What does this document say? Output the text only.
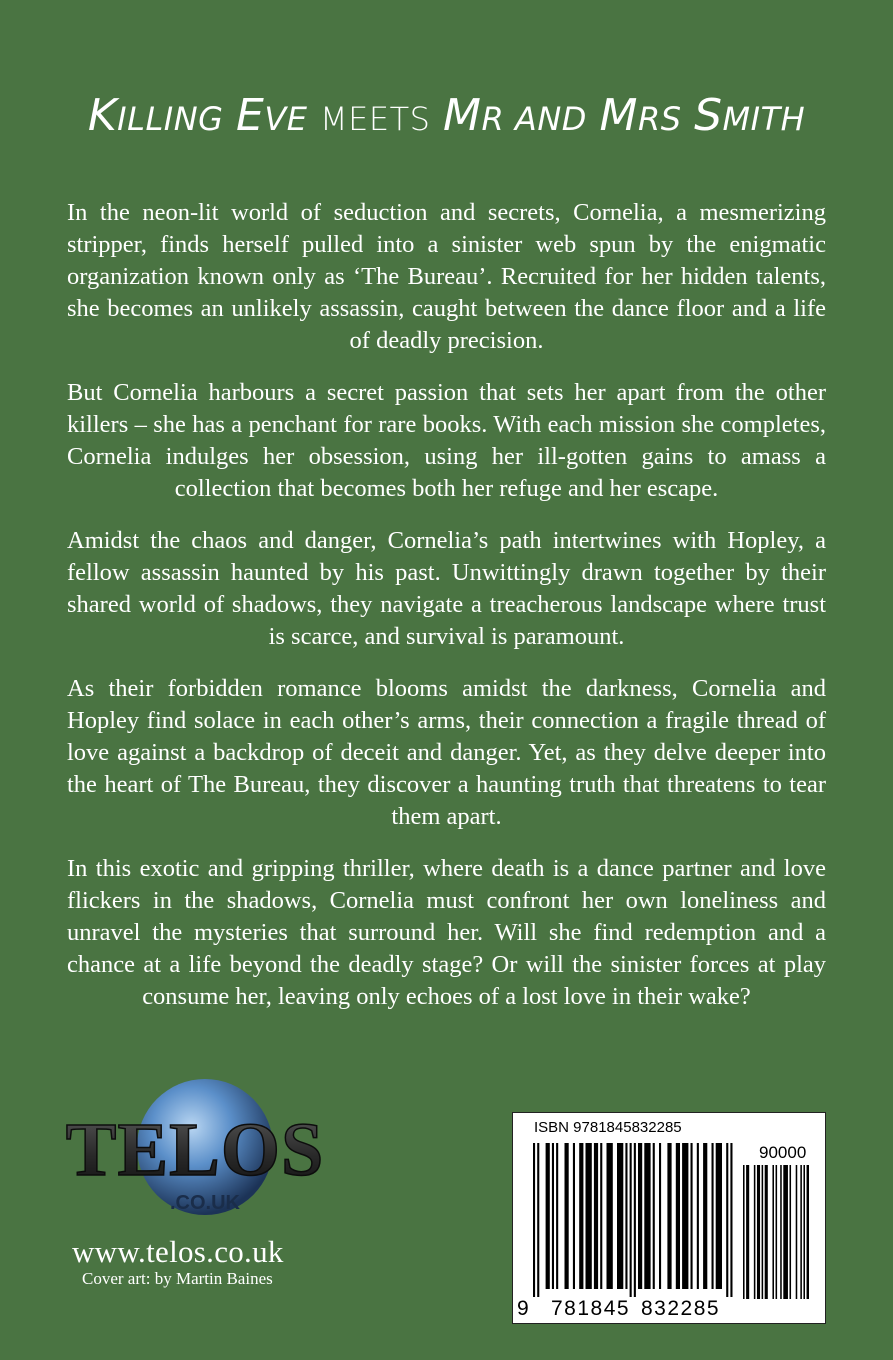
KILLING EVE MEETS MR AND MRS SMITH

In the neon-lit world of seduction and secrets, Cornelia, a mesmerizing stripper, finds herself pulled into a sinister web spun by the enigmatic organization known only as ‘The Bureau’. Recruited for her hidden talents, she becomes an unlikely assassin, caught between the dance floor and a life of deadly precision.

But Cornelia harbours a secret passion that sets her apart from the other killers – she has a penchant for rare books. With each mission she completes, Cornelia indulges her obsession, using her ill-gotten gains to amass a collection that becomes both her refuge and her escape.

Amidst the chaos and danger, Cornelia’s path intertwines with Hopley, a fellow assassin haunted by his past. Unwittingly drawn together by their shared world of shadows, they navigate a treacherous landscape where trust is scarce, and survival is paramount.

As their forbidden romance blooms amidst the darkness, Cornelia and Hopley find solace in each other’s arms, their connection a fragile thread of love against a backdrop of deceit and danger. Yet, as they delve deeper into the heart of The Bureau, they discover a haunting truth that threatens to tear them apart.

In this exotic and gripping thriller, where death is a dance partner and love flickers in the shadows, Cornelia must confront her own loneliness and unravel the mysteries that surround her. Will she find redemption and a chance at a life beyond the deadly stage? Or will the sinister forces at play consume her, leaving only echoes of a lost love in their wake?

TELOS
.CO.UK
www.telos.co.uk
Cover art: by Martin Baines
ISBN 9781845832285
90000
9 781845 832285
